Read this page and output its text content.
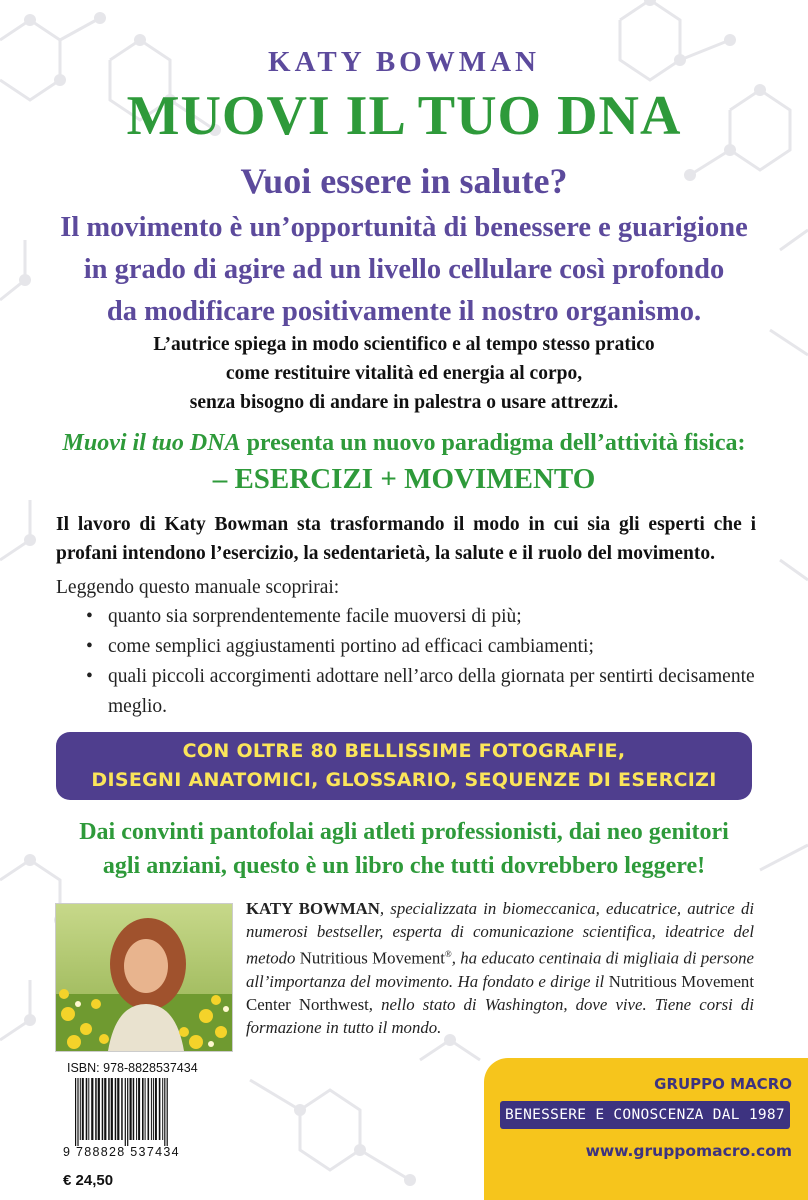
KATY BOWMAN
MUOVI IL TUO DNA
Vuoi essere in salute?
Il movimento è un’opportunità di benessere e guarigione
in grado di agire ad un livello cellulare così profondo
da modificare positivamente il nostro organismo.
L’autrice spiega in modo scientifico e al tempo stesso pratico
come restituire vitalità ed energia al corpo,
senza bisogno di andare in palestra o usare attrezzi.
Muovi il tuo DNA presenta un nuovo paradigma dell’attività fisica:
– ESERCIZI + MOVIMENTO
Il lavoro di Katy Bowman sta trasformando il modo in cui sia gli esperti che i profani intendono l’esercizio, la sedentarietà, la salute e il ruolo del movimento.
Leggendo questo manuale scoprirai:
• quanto sia sorprendentemente facile muoversi di più;
• come semplici aggiustamenti portino ad efficaci cambiamenti;
• quali piccoli accorgimenti adottare nell’arco della giornata per sentirti decisamente meglio.
CON OLTRE 80 BELLISSIME FOTOGRAFIE,
DISEGNI ANATOMICI, GLOSSARIO, SEQUENZE DI ESERCIZI
Dai convinti pantofolai agli atleti professionisti, dai neo genitori
agli anziani, questo è un libro che tutti dovrebbero leggere!
KATY BOWMAN, specializzata in biomeccanica, educatrice, autrice di numerosi bestseller, esperta di comunicazione scientifica, ideatrice del metodo Nutritious Movement®, ha educato centinaia di migliaia di persone all’importanza del movimento. Ha fondato e dirige il Nutritious Movement Center Northwest, nello stato di Washington, dove vive. Tiene corsi di formazione in tutto il mondo.
ISBN: 978-8828537434
9 788828 537434
€ 24,50
GRUPPO MACRO
BENESSERE E CONOSCENZA DAL 1987
www.gruppomacro.com
